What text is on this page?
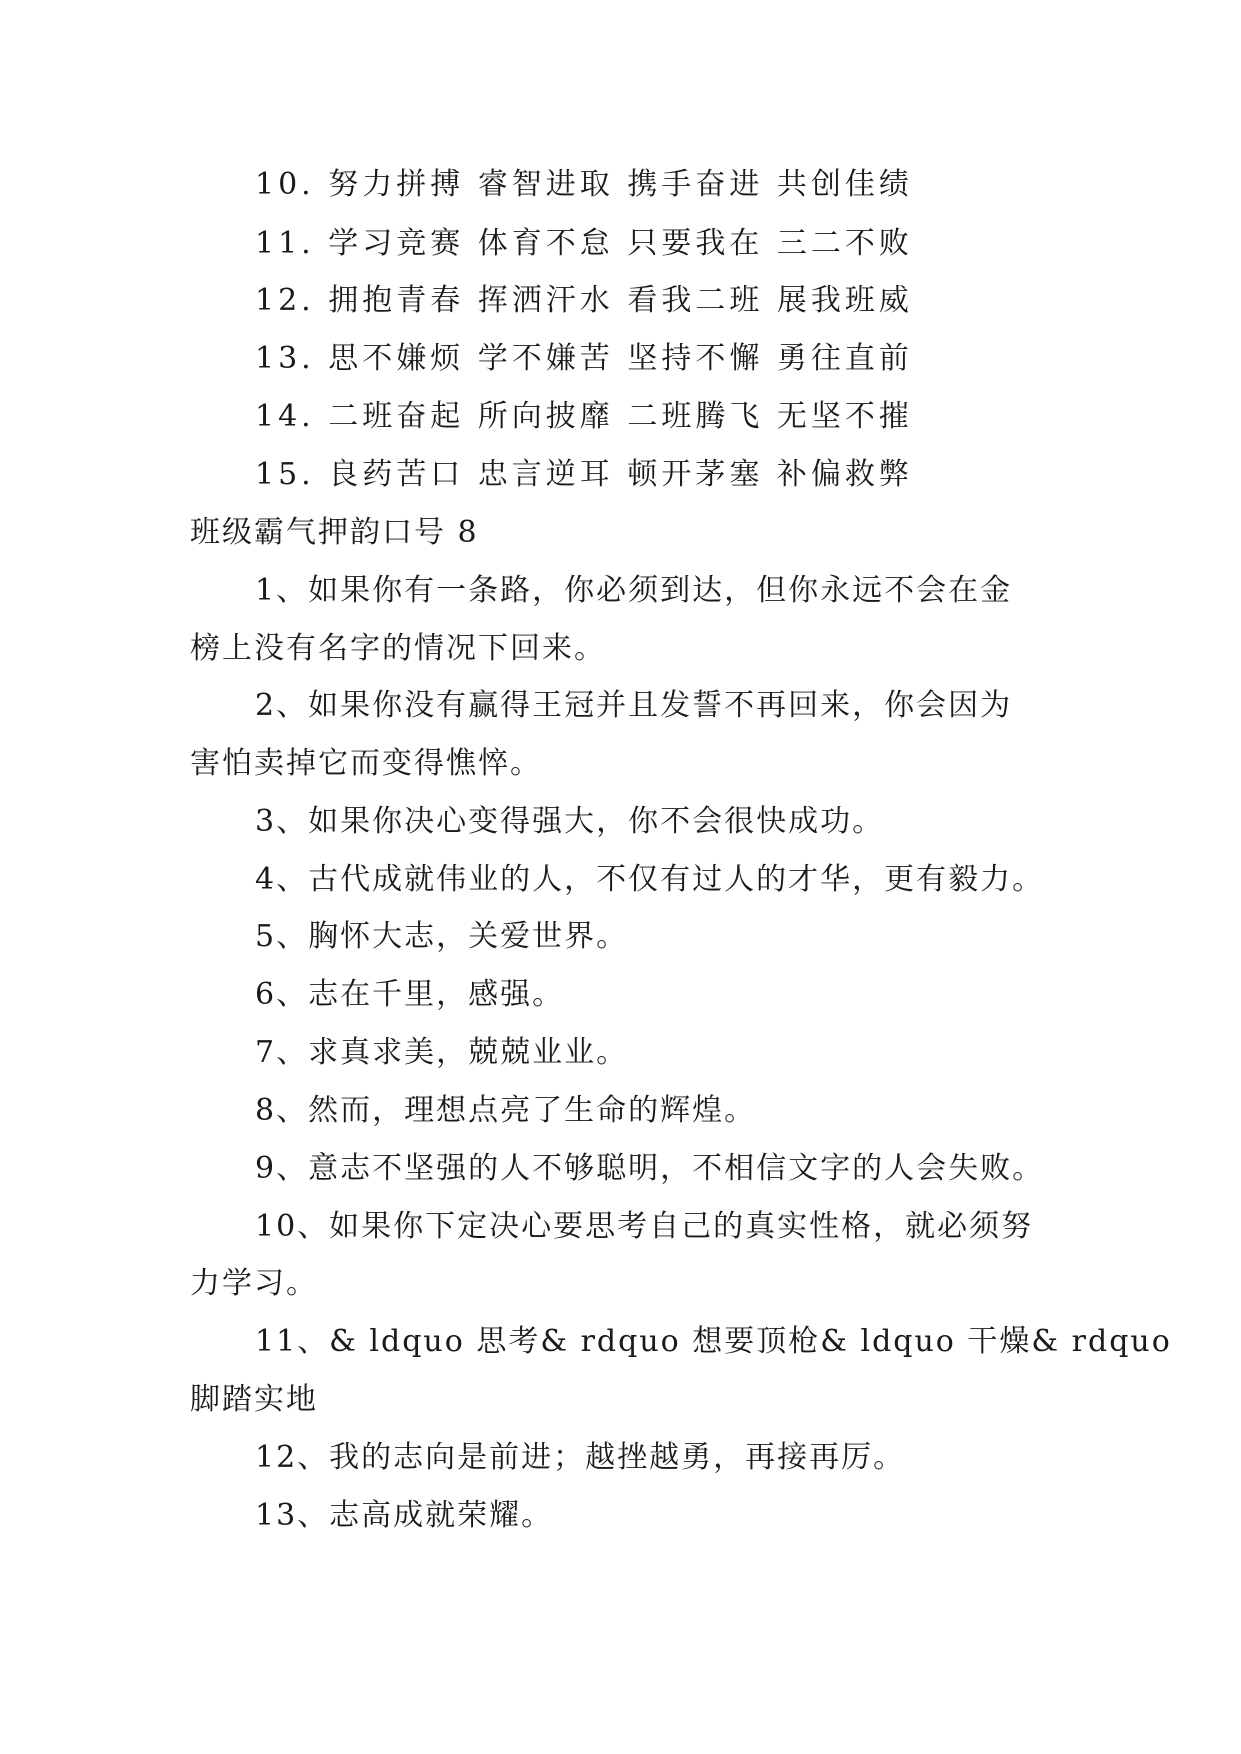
10. 努力拼搏 睿智进取 携手奋进 共创佳绩
11. 学习竞赛 体育不怠 只要我在 三二不败
12. 拥抱青春 挥洒汗水 看我二班 展我班威
13. 思不嫌烦 学不嫌苦 坚持不懈 勇往直前
14. 二班奋起 所向披靡 二班腾飞 无坚不摧
15. 良药苦口 忠言逆耳 顿开茅塞 补偏救弊
班级霸气押韵口号 8
1、如果你有一条路，你必须到达，但你永远不会在金
榜上没有名字的情况下回来。
2、如果你没有赢得王冠并且发誓不再回来，你会因为
害怕卖掉它而变得憔悴。
3、如果你决心变得强大，你不会很快成功。
4、古代成就伟业的人，不仅有过人的才华，更有毅力。
5、胸怀大志，关爱世界。
6、志在千里，感强。
7、求真求美，兢兢业业。
8、然而，理想点亮了生命的辉煌。
9、意志不坚强的人不够聪明，不相信文字的人会失败。
10、如果你下定决心要思考自己的真实性格，就必须努
力学习。
11、& ldquo 思考& rdquo 想要顶枪& ldquo 干燥& rdquo
脚踏实地
12、我的志向是前进；越挫越勇，再接再厉。
13、志高成就荣耀。
